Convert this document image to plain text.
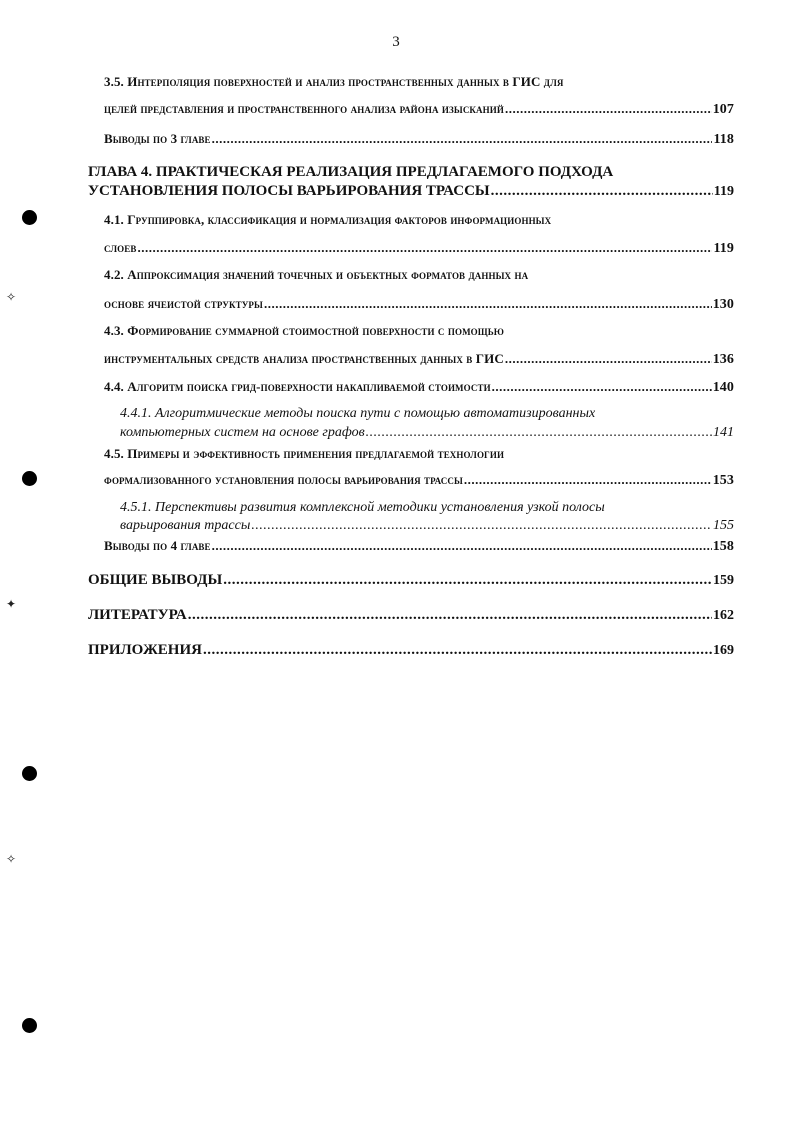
3
3.5. Интерполяция поверхностей и анализ пространственных данных в ГИС для
целей представления и пространственного анализа района изысканий .....	107
Выводы по 3 главе .....	118
ГЛАВА 4. ПРАКТИЧЕСКАЯ РЕАЛИЗАЦИЯ ПРЕДЛАГАЕМОГО ПОДХОДА
УСТАНОВЛЕНИЯ ПОЛОСЫ ВАРЬИРОВАНИЯ ТРАССЫ .....	119
4.1. Группировка, классификация и нормализация факторов информационных
слоев .....	119
4.2. Аппроксимация значений точечных и объектных форматов данных на
основе ячеистой структуры .....	130
4.3. Формирование суммарной стоимостной поверхности с помощью
инструментальных средств анализа пространственных данных в ГИС .....	136
4.4. Алгоритм поиска грид-поверхности накапливаемой стоимости .....	140
4.4.1. Алгоритмические методы поиска пути с помощью автоматизированных
компьютерных систем на основе графов .....	141
4.5. Примеры и эффективность применения предлагаемой технологии
формализованного установления полосы варьирования трассы .....	153
4.5.1. Перспективы развития комплексной методики установления узкой полосы
варьирования трассы .....	155
Выводы по 4 главе .....	158
ОБЩИЕ ВЫВОДЫ .....	159
ЛИТЕРАТУРА .....	162
ПРИЛОЖЕНИЯ .....	169
✧
✦
✧
